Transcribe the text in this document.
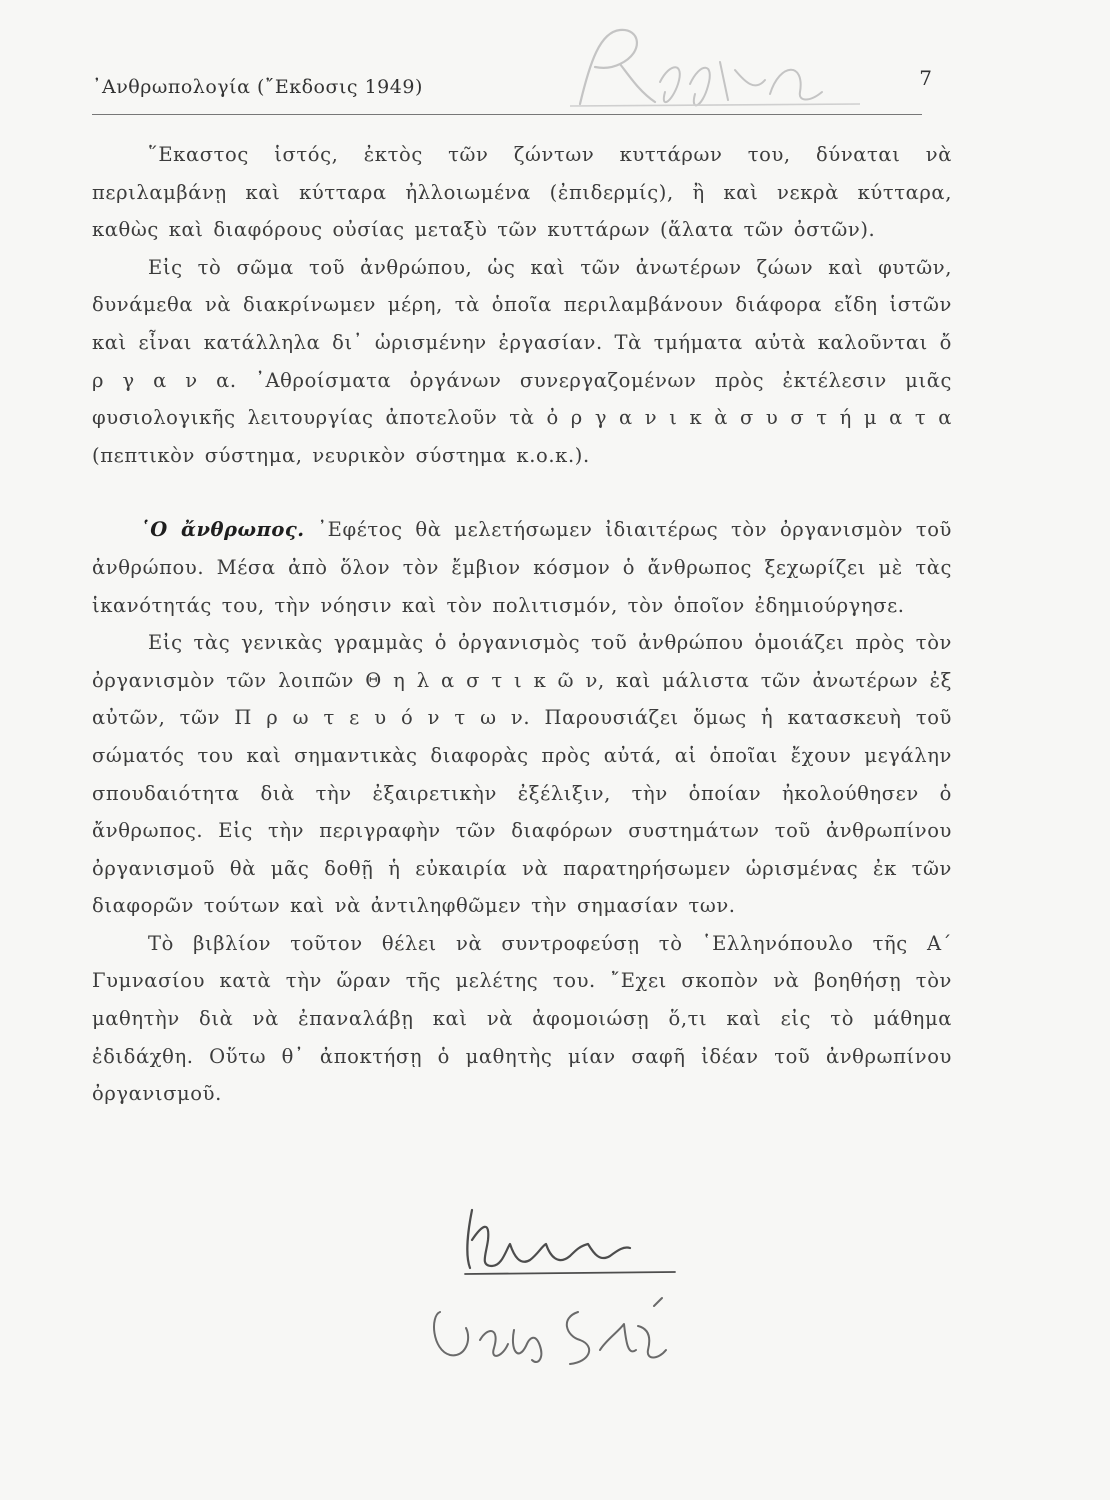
᾽Ανθρωπολογία (῎Εκδοσις 1949)	7

῞Εκαστος ἱστός, ἐκτὸς τῶν ζώντων κυττάρων του, δύναται νὰ περιλαμβάνῃ καὶ κύτταρα ἠλλοιωμένα (ἐπιδερμίς), ἢ καὶ νεκρὰ κύτταρα, καθὼς καὶ διαφόρους οὐσίας μεταξὺ τῶν κυττάρων (ἅλατα τῶν ὀστῶν).

Εἰς τὸ σῶμα τοῦ ἀνθρώπου, ὡς καὶ τῶν ἀνωτέρων ζώων καὶ φυτῶν, δυνάμεθα νὰ διακρίνωμεν μέρη, τὰ ὁποῖα περιλαμβάνουν διάφορα εἴδη ἱστῶν καὶ εἶναι κατάλληλα δι᾽ ὡρισμένην ἐργασίαν. Τὰ τμήματα αὐτὰ καλοῦνται ὄ ρ γ α ν α. ᾽Αθροίσματα ὀργάνων συνεργαζομένων πρὸς ἐκτέλεσιν μιᾶς φυσιολογικῆς λειτουργίας ἀποτελοῦν τὰ ὀ ρ γ α ν ι κ ὰ σ υ σ τ ή μ α τ α (πεπτικὸν σύστημα, νευρικὸν σύστημα κ.ο.κ.).

῾Ο ἄνθρωπος. ᾽Εφέτος θὰ μελετήσωμεν ἰδιαιτέρως τὸν ὀργανισμὸν τοῦ ἀνθρώπου. Μέσα ἀπὸ ὅλον τὸν ἔμβιον κόσμον ὁ ἄνθρωπος ξεχωρίζει μὲ τὰς ἱκανότητάς του, τὴν νόησιν καὶ τὸν πολιτισμόν, τὸν ὁποῖον ἐδημιούργησε.

Εἰς τὰς γενικὰς γραμμὰς ὁ ὀργανισμὸς τοῦ ἀνθρώπου ὁμοιάζει πρὸς τὸν ὀργανισμὸν τῶν λοιπῶν Θ η λ α σ τ ι κ ῶ ν, καὶ μάλιστα τῶν ἀνωτέρων ἐξ αὐτῶν, τῶν Π ρ ω τ ε υ ό ν τ ω ν. Παρουσιάζει ὅμως ἡ κατασκευὴ τοῦ σώματός του καὶ σημαντικὰς διαφορὰς πρὸς αὐτά, αἱ ὁποῖαι ἔχουν μεγάλην σπουδαιότητα διὰ τὴν ἐξαιρετικὴν ἐξέλιξιν, τὴν ὁποίαν ἠκολούθησεν ὁ ἄνθρωπος. Εἰς τὴν περιγραφὴν τῶν διαφόρων συστημάτων τοῦ ἀνθρωπίνου ὀργανισμοῦ θὰ μᾶς δοθῇ ἡ εὐκαιρία νὰ παρατηρήσωμεν ὡρισμένας ἐκ τῶν διαφορῶν τούτων καὶ νὰ ἀντιληφθῶμεν τὴν σημασίαν των.

Τὸ βιβλίον τοῦτον θέλει νὰ συντροφεύσῃ τὸ ῾Ελληνόπουλο τῆς Α΄ Γυμνασίου κατὰ τὴν ὥραν τῆς μελέτης του. ῎Εχει σκοπὸν νὰ βοηθήσῃ τὸν μαθητὴν διὰ νὰ ἐπαναλάβῃ καὶ νὰ ἀφομοιώσῃ ὅ,τι καὶ εἰς τὸ μάθημα ἐδιδάχθη. Οὕτω θ᾽ ἀποκτήσῃ ὁ μαθητὴς μίαν σαφῆ ἰδέαν τοῦ ἀνθρωπίνου ὀργανισμοῦ.
